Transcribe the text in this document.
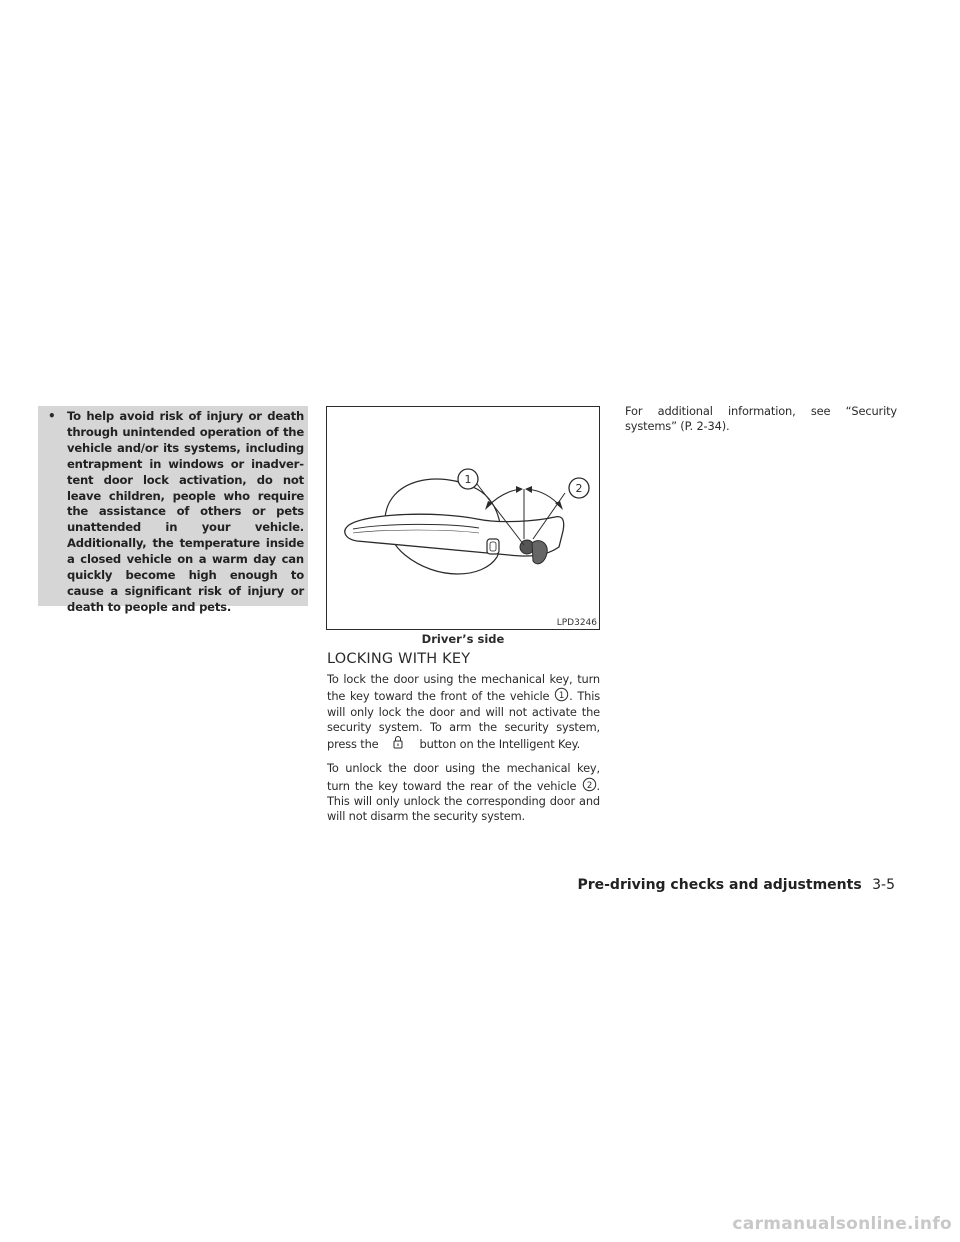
• To help avoid risk of injury or death through unintended operation of the vehicle and/or its systems, including entrapment in windows or inadvertent door lock activation, do not leave children, people who require the assistance of others or pets unattended in your vehicle. Additionally, the temperature inside a closed vehicle on a warm day can quickly become high enough to cause a significant risk of injury or death to people and pets.

1
2
LPD3246
Driver’s side
LOCKING WITH KEY

To lock the door using the mechanical key, turn the key toward the front of the vehicle 1 . This will only lock the door and will not activate the security system. To arm the security system, press the	button on the Intelligent Key.

To unlock the door using the mechanical key, turn the key toward the rear of the vehicle 2 . This will only unlock the corresponding door and will not disarm the security system.

For additional information, see “Security systems” (P. 2-34).

Pre-driving checks and adjustments 3-5
carmanualsonline.info
